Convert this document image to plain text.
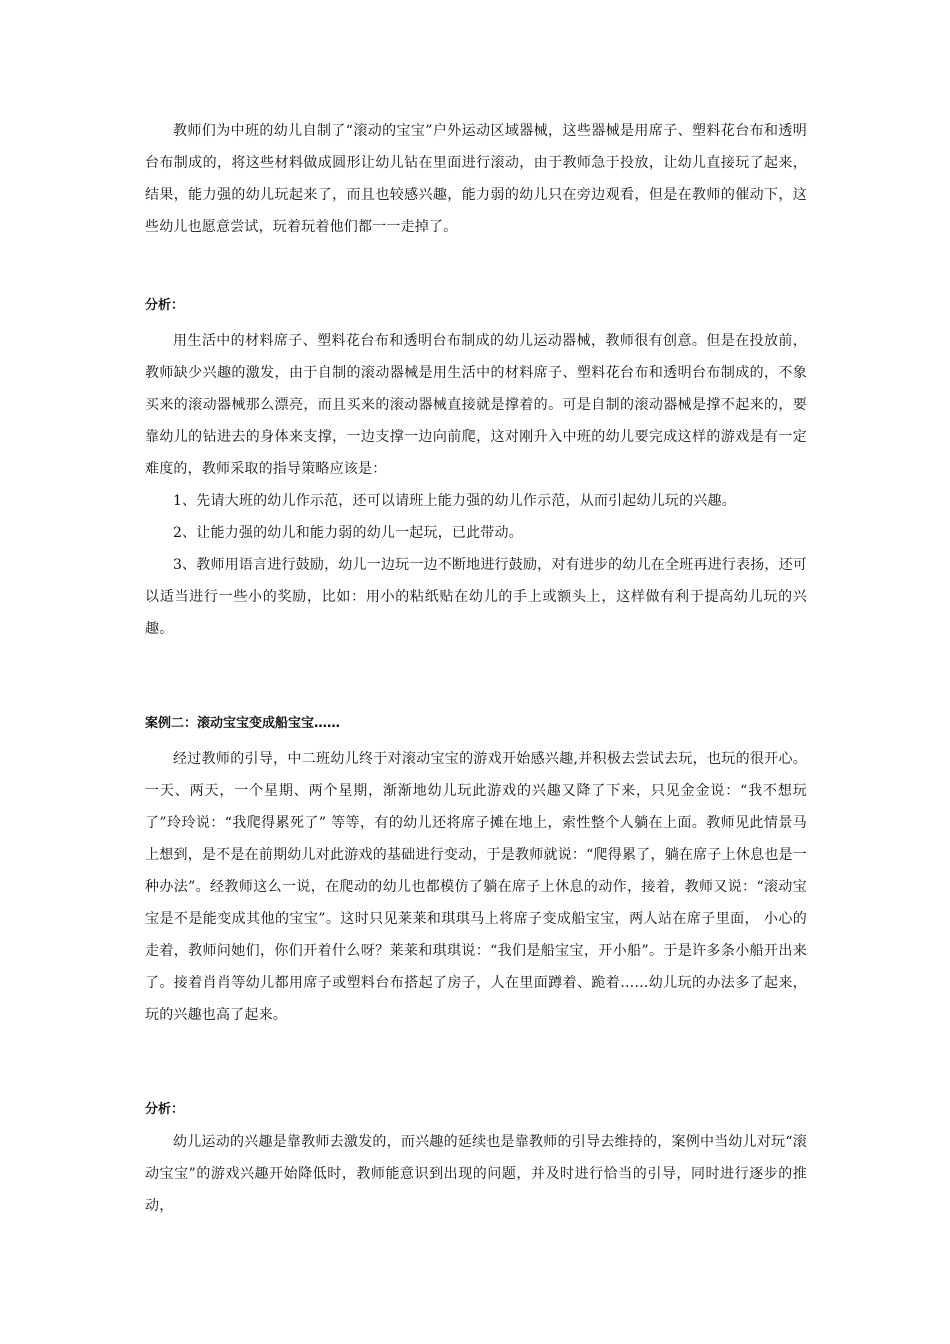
教师们为中班的幼儿自制了“滚动的宝宝”户外运动区域器械，这些器械是用席子、塑料花台布和透明台布制成的，将这些材料做成圆形让幼儿钻在里面进行滚动，由于教师急于投放，让幼儿直接玩了起来，结果，能力强的幼儿玩起来了，而且也较感兴趣，能力弱的幼儿只在旁边观看，但是在教师的催动下，这些幼儿也愿意尝试，玩着玩着他们都一一走掉了。

分析：

用生活中的材料席子、塑料花台布和透明台布制成的幼儿运动器械，教师很有创意。但是在投放前，教师缺少兴趣的激发，由于自制的滚动器械是用生活中的材料席子、塑料花台布和透明台布制成的，不象买来的滚动器械那么漂亮，而且买来的滚动器械直接就是撑着的。可是自制的滚动器械是撑不起来的，要靠幼儿的钻进去的身体来支撑，一边支撑一边向前爬，这对刚升入中班的幼儿要完成这样的游戏是有一定难度的，教师采取的指导策略应该是：

1、先请大班的幼儿作示范，还可以请班上能力强的幼儿作示范，从而引起幼儿玩的兴趣。

2、让能力强的幼儿和能力弱的幼儿一起玩，已此带动。

3、教师用语言进行鼓励，幼儿一边玩一边不断地进行鼓励，对有进步的幼儿在全班再进行表扬，还可以适当进行一些小的奖励，比如：用小的粘纸贴在幼儿的手上或额头上，这样做有利于提高幼儿玩的兴趣。

案例二：滚动宝宝变成船宝宝……

经过教师的引导，中二班幼儿终于对滚动宝宝的游戏开始感兴趣,并积极去尝试去玩，也玩的很开心。一天、两天，一个星期、两个星期，渐渐地幼儿玩此游戏的兴趣又降了下来，只见金金说：“我不想玩了”玲玲说：“我爬得累死了” 等等，有的幼儿还将席子摊在地上，索性整个人躺在上面。教师见此情景马上想到，是不是在前期幼儿对此游戏的基础进行变动，于是教师就说：“爬得累了，躺在席子上休息也是一种办法”。经教师这么一说，在爬动的幼儿也都模仿了躺在席子上休息的动作，接着，教师又说：“滚动宝宝是不是能变成其他的宝宝”。这时只见莱莱和琪琪马上将席子变成船宝宝，两人站在席子里面， 小心的走着，教师问她们，你们开着什么呀？莱莱和琪琪说：“我们是船宝宝，开小船”。于是许多条小船开出来了。接着肖肖等幼儿都用席子或塑料台布搭起了房子，人在里面蹲着、跪着……幼儿玩的办法多了起来，玩的兴趣也高了起来。

分析：

幼儿运动的兴趣是靠教师去激发的，而兴趣的延续也是靠教师的引导去维持的，案例中当幼儿对玩“滚动宝宝”的游戏兴趣开始降低时，教师能意识到出现的问题，并及时进行恰当的引导，同时进行逐步的推动，
